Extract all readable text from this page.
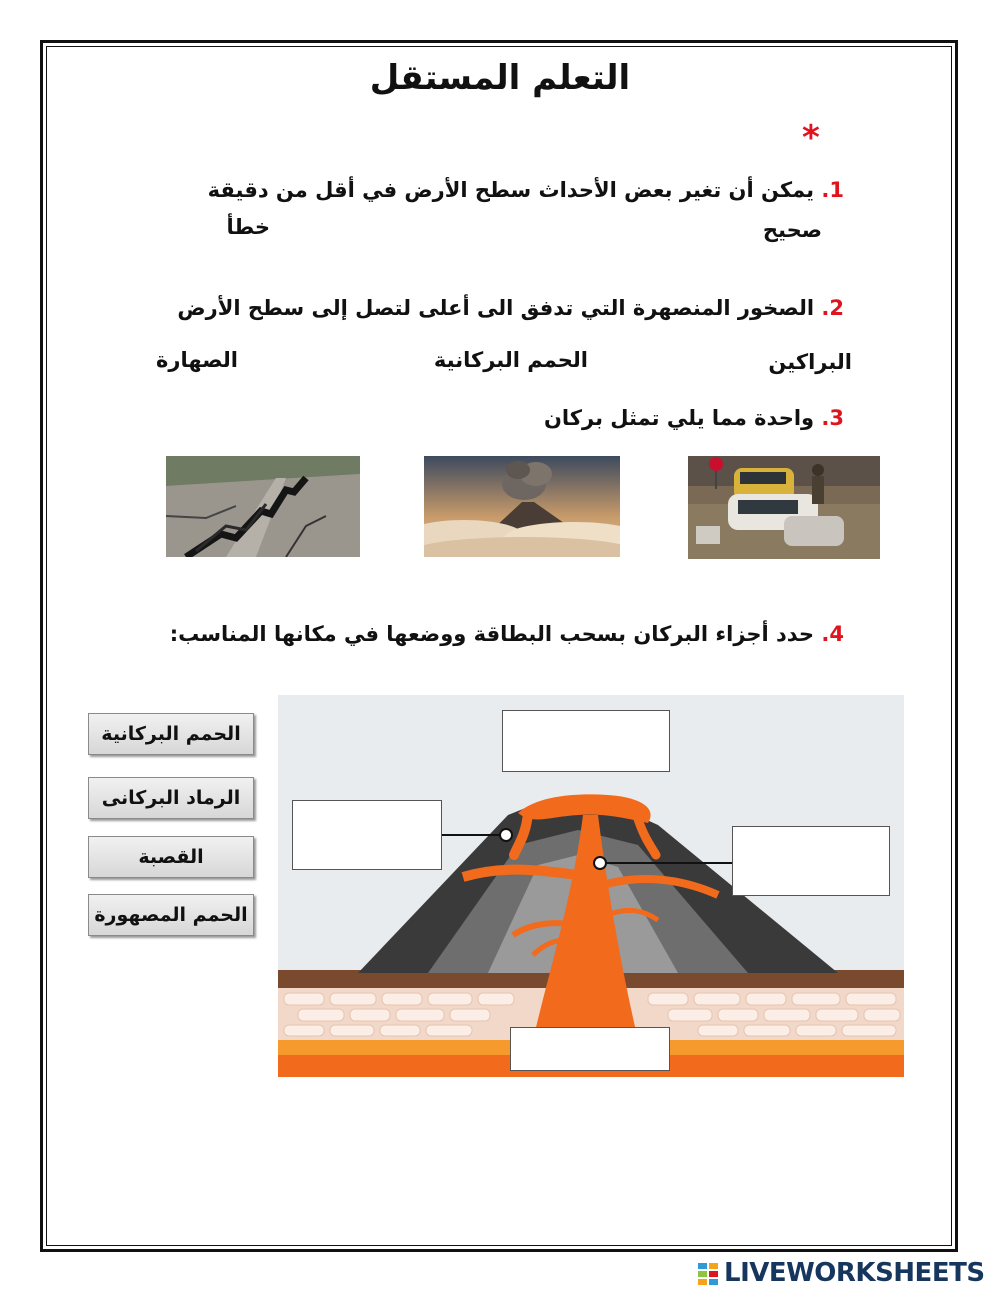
التعلم المستقل
*
1. يمكن أن تغير بعض الأحداث سطح الأرض في أقل من دقيقة
صحيح
خطأ
2. الصخور المنصهرة التي تدفق الى أعلى لتصل إلى سطح الأرض
البراكين
الحمم البركانية
الصهارة
3. واحدة مما يلي تمثل بركان
4. حدد أجزاء البركان بسحب البطاقة ووضعها في مكانها المناسب:
الحمم البركانية
الرماد البركانى
القصبة
الحمم المصهورة
LIVEWORKSHEETS
